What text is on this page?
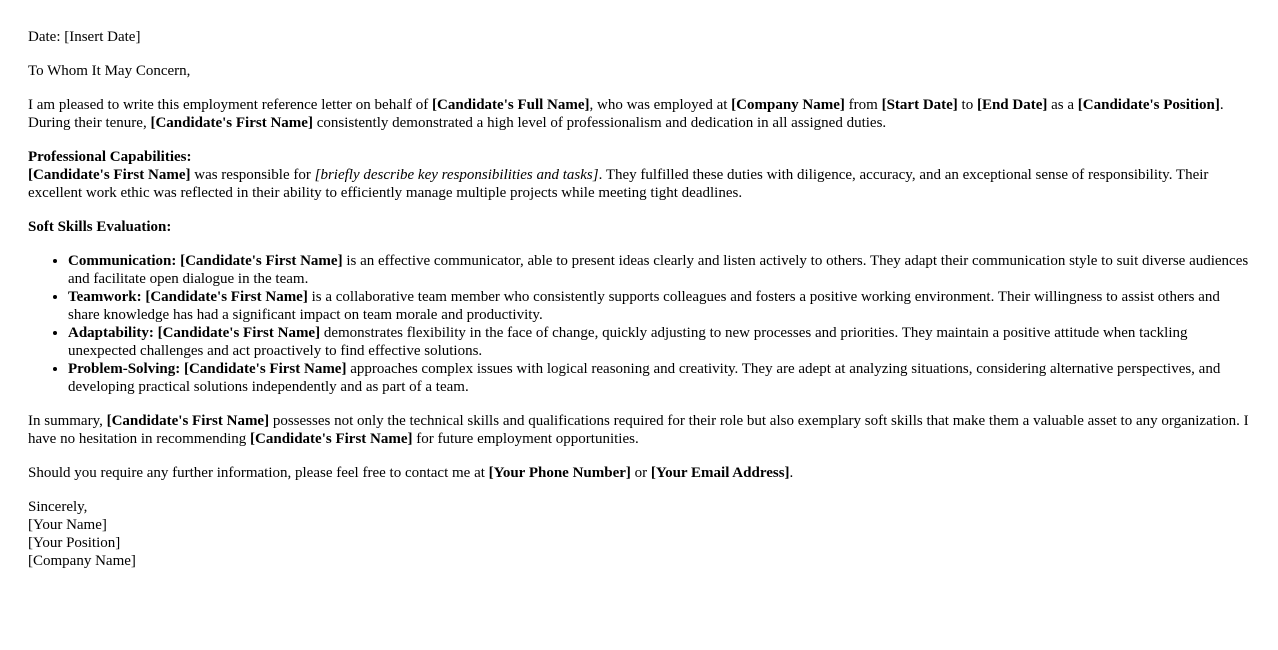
Date: [Insert Date]

To Whom It May Concern,

I am pleased to write this employment reference letter on behalf of [Candidate's Full Name], who was employed at [Company Name] from [Start Date] to [End Date] as a [Candidate's Position]. During their tenure, [Candidate's First Name] consistently demonstrated a high level of professionalism and dedication in all assigned duties.

Professional Capabilities:
[Candidate's First Name] was responsible for [briefly describe key responsibilities and tasks]. They fulfilled these duties with diligence, accuracy, and an exceptional sense of responsibility. Their excellent work ethic was reflected in their ability to efficiently manage multiple projects while meeting tight deadlines.

Soft Skills Evaluation:

• Communication: [Candidate's First Name] is an effective communicator, able to present ideas clearly and listen actively to others. They adapt their communication style to suit diverse audiences and facilitate open dialogue in the team.
• Teamwork: [Candidate's First Name] is a collaborative team member who consistently supports colleagues and fosters a positive working environment. Their willingness to assist others and share knowledge has had a significant impact on team morale and productivity.
• Adaptability: [Candidate's First Name] demonstrates flexibility in the face of change, quickly adjusting to new processes and priorities. They maintain a positive attitude when tackling unexpected challenges and act proactively to find effective solutions.
• Problem-Solving: [Candidate's First Name] approaches complex issues with logical reasoning and creativity. They are adept at analyzing situations, considering alternative perspectives, and developing practical solutions independently and as part of a team.

In summary, [Candidate's First Name] possesses not only the technical skills and qualifications required for their role but also exemplary soft skills that make them a valuable asset to any organization. I have no hesitation in recommending [Candidate's First Name] for future employment opportunities.

Should you require any further information, please feel free to contact me at [Your Phone Number] or [Your Email Address].

Sincerely,
[Your Name]
[Your Position]
[Company Name]
